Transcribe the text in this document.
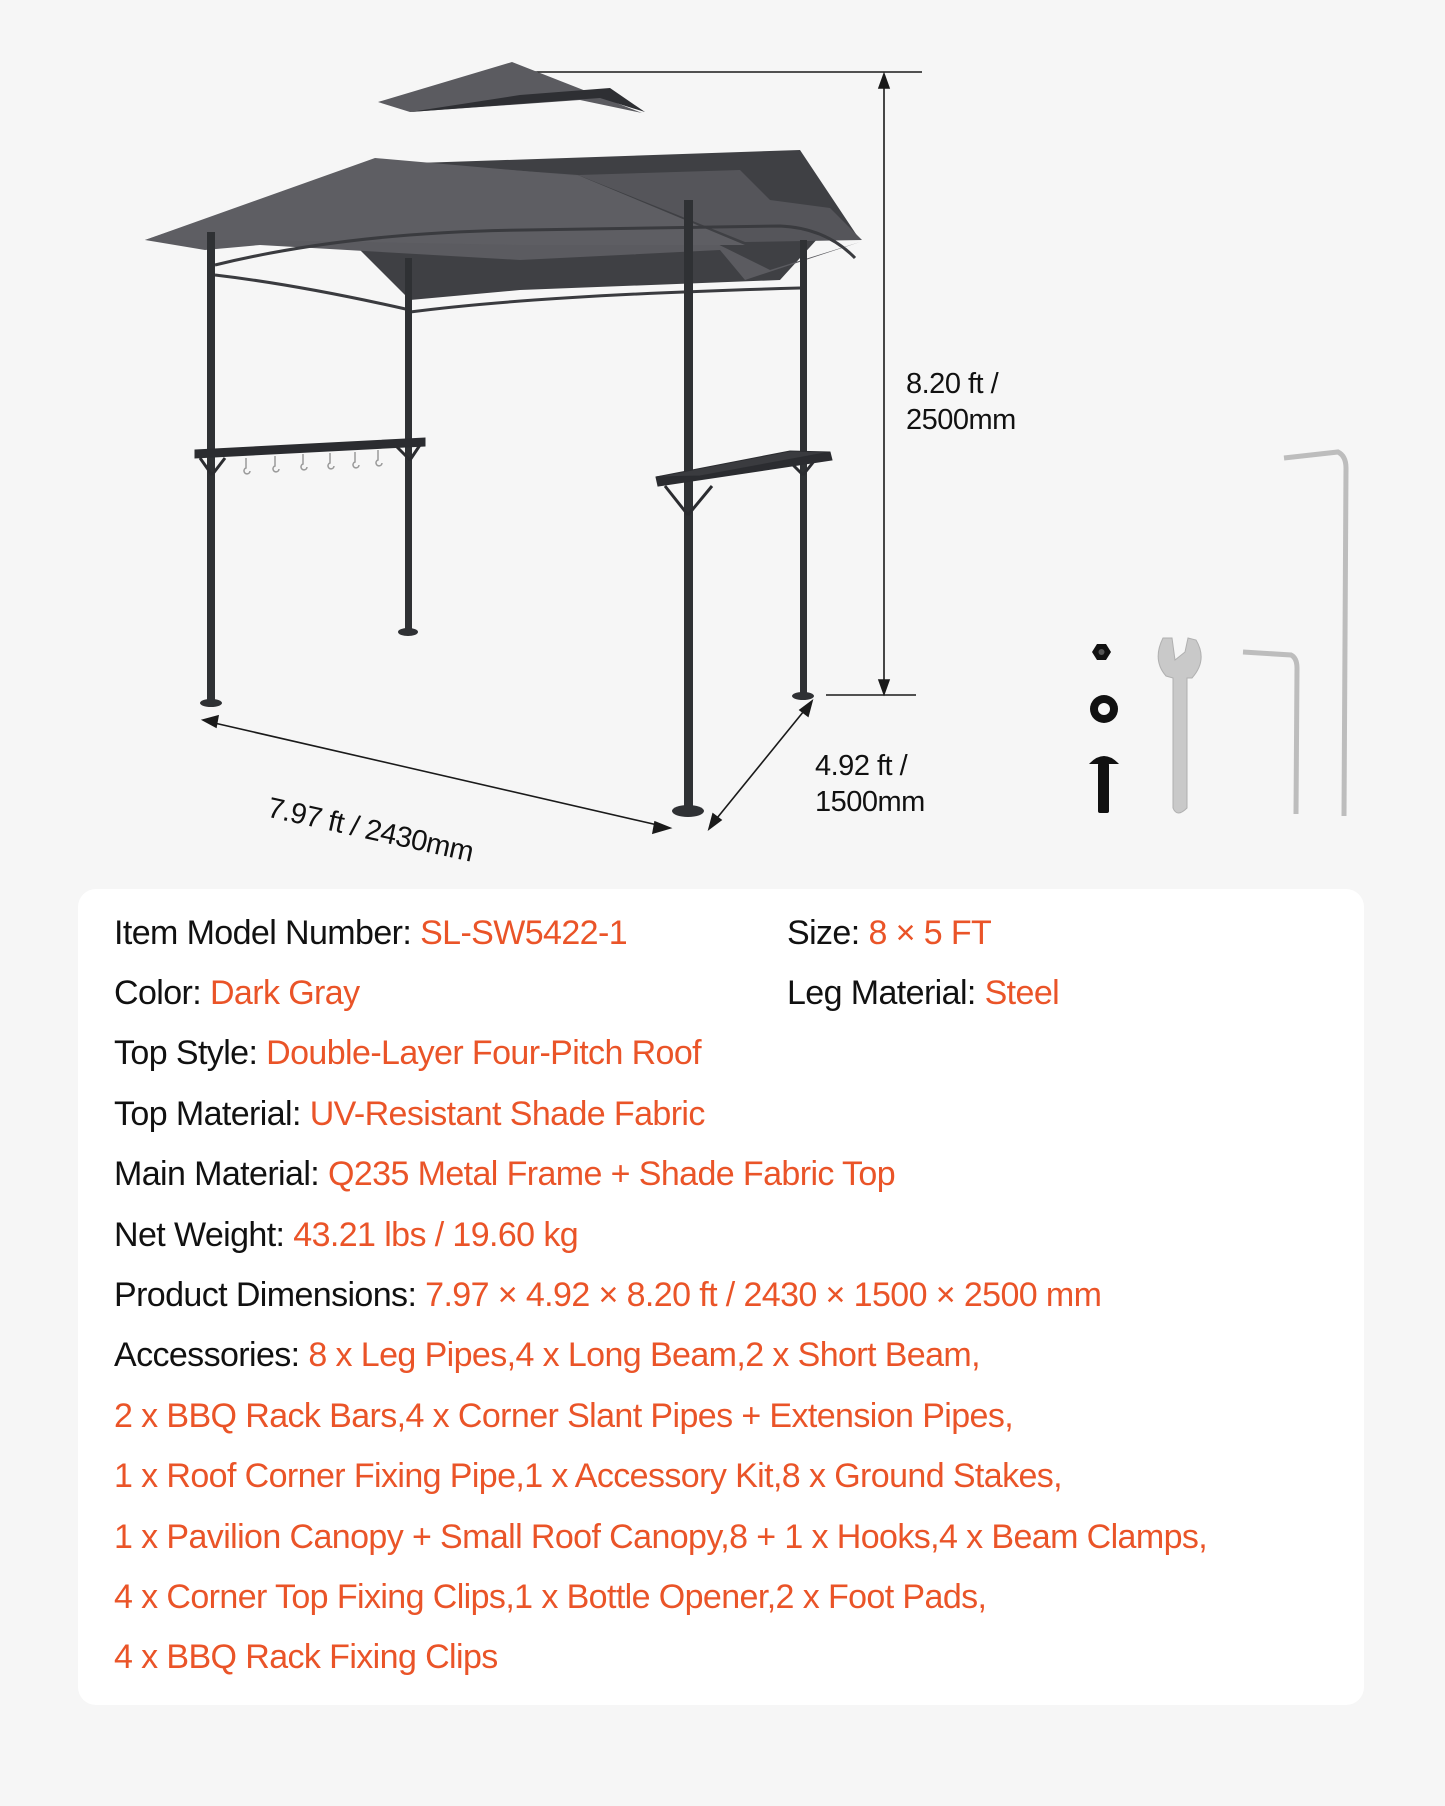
8.20 ft /
2500mm
4.92 ft /
1500mm
7.97 ft / 2430mm
Item Model Number: SL-SW5422-1	Size: 8 × 5 FT
Color: Dark Gray	Leg Material: Steel
Top Style: Double-Layer Four-Pitch Roof
Top Material: UV-Resistant Shade Fabric
Main Material: Q235 Metal Frame + Shade Fabric Top
Net Weight: 43.21 lbs / 19.60 kg
Product Dimensions: 7.97 × 4.92 × 8.20 ft / 2430 × 1500 × 2500 mm
Accessories: 8 x Leg Pipes,4 x Long Beam,2 x Short Beam,
2 x BBQ Rack Bars,4 x Corner Slant Pipes + Extension Pipes,
1 x Roof Corner Fixing Pipe,1 x Accessory Kit,8 x Ground Stakes,
1 x Pavilion Canopy + Small Roof Canopy,8 + 1 x Hooks,4 x Beam Clamps,
4 x Corner Top Fixing Clips,1 x Bottle Opener,2 x Foot Pads,
4 x BBQ Rack Fixing Clips
